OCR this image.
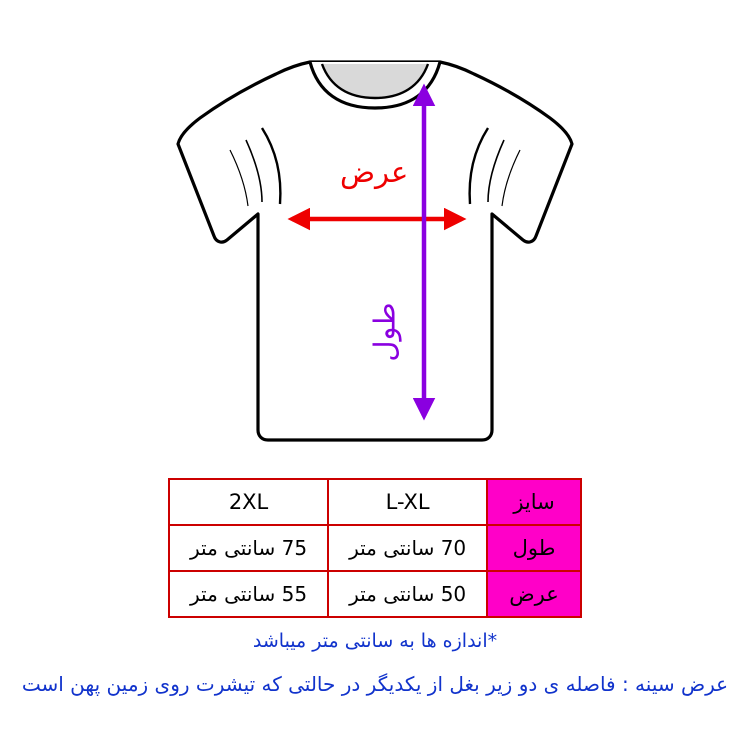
عرض
طول
سایز	L-XL	2XL
طول	70 سانتی متر	75 سانتی متر
عرض	50 سانتی متر	55 سانتی متر
*اندازه ها به سانتی متر میباشد
عرض سینه : فاصله ی دو زیر بغل از یکدیگر در حالتی که تیشرت روی زمین پهن است
